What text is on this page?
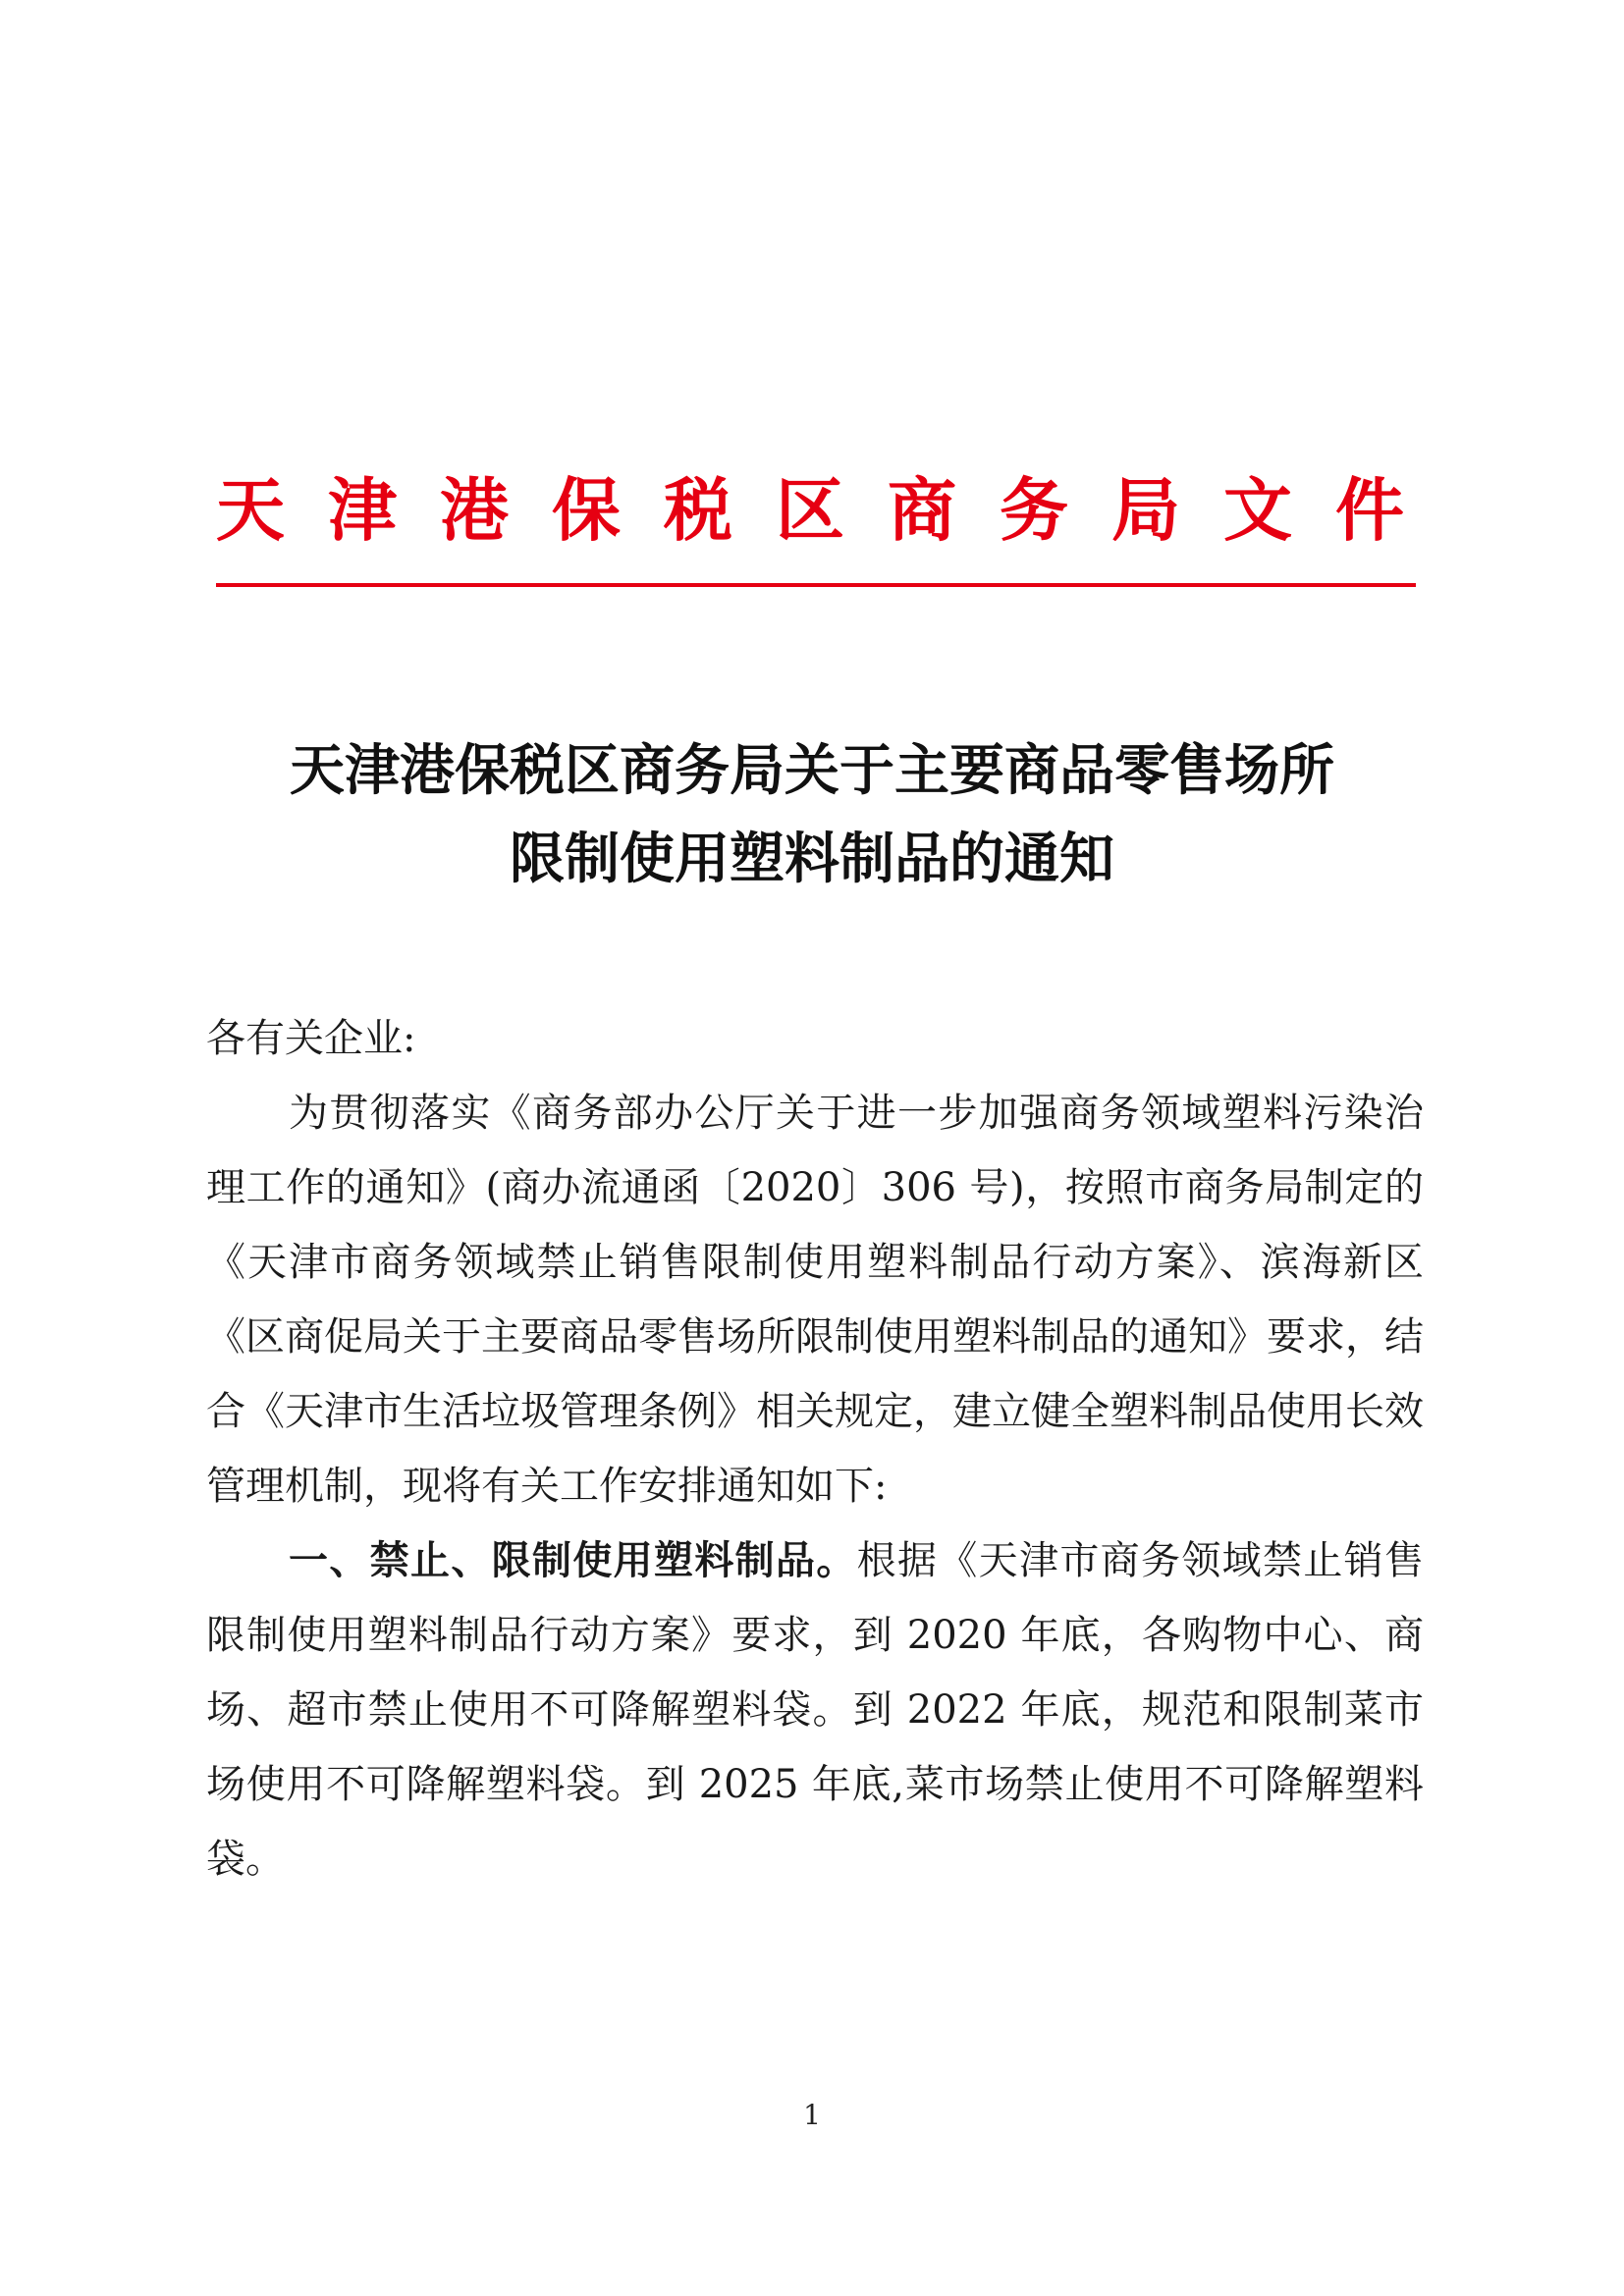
天津港保税区商务局文件
天津港保税区商务局关于主要商品零售场所
限制使用塑料制品的通知

各有关企业:

为贯彻落实《商务部办公厅关于进一步加强商务领域塑料污染治理工作的通知》(商办流通函〔2020〕306 号)，按照市商务局制定的《天津市商务领域禁止销售限制使用塑料制品行动方案》、滨海新区《区商促局关于主要商品零售场所限制使用塑料制品的通知》要求，结合《天津市生活垃圾管理条例》相关规定，建立健全塑料制品使用长效管理机制，现将有关工作安排通知如下:

一、禁止、限制使用塑料制品。根据《天津市商务领域禁止销售限制使用塑料制品行动方案》要求，到 2020 年底，各购物中心、商场、超市禁止使用不可降解塑料袋。到 2022 年底，规范和限制菜市场使用不可降解塑料袋。到 2025 年底,菜市场禁止使用不可降解塑料袋。

1
